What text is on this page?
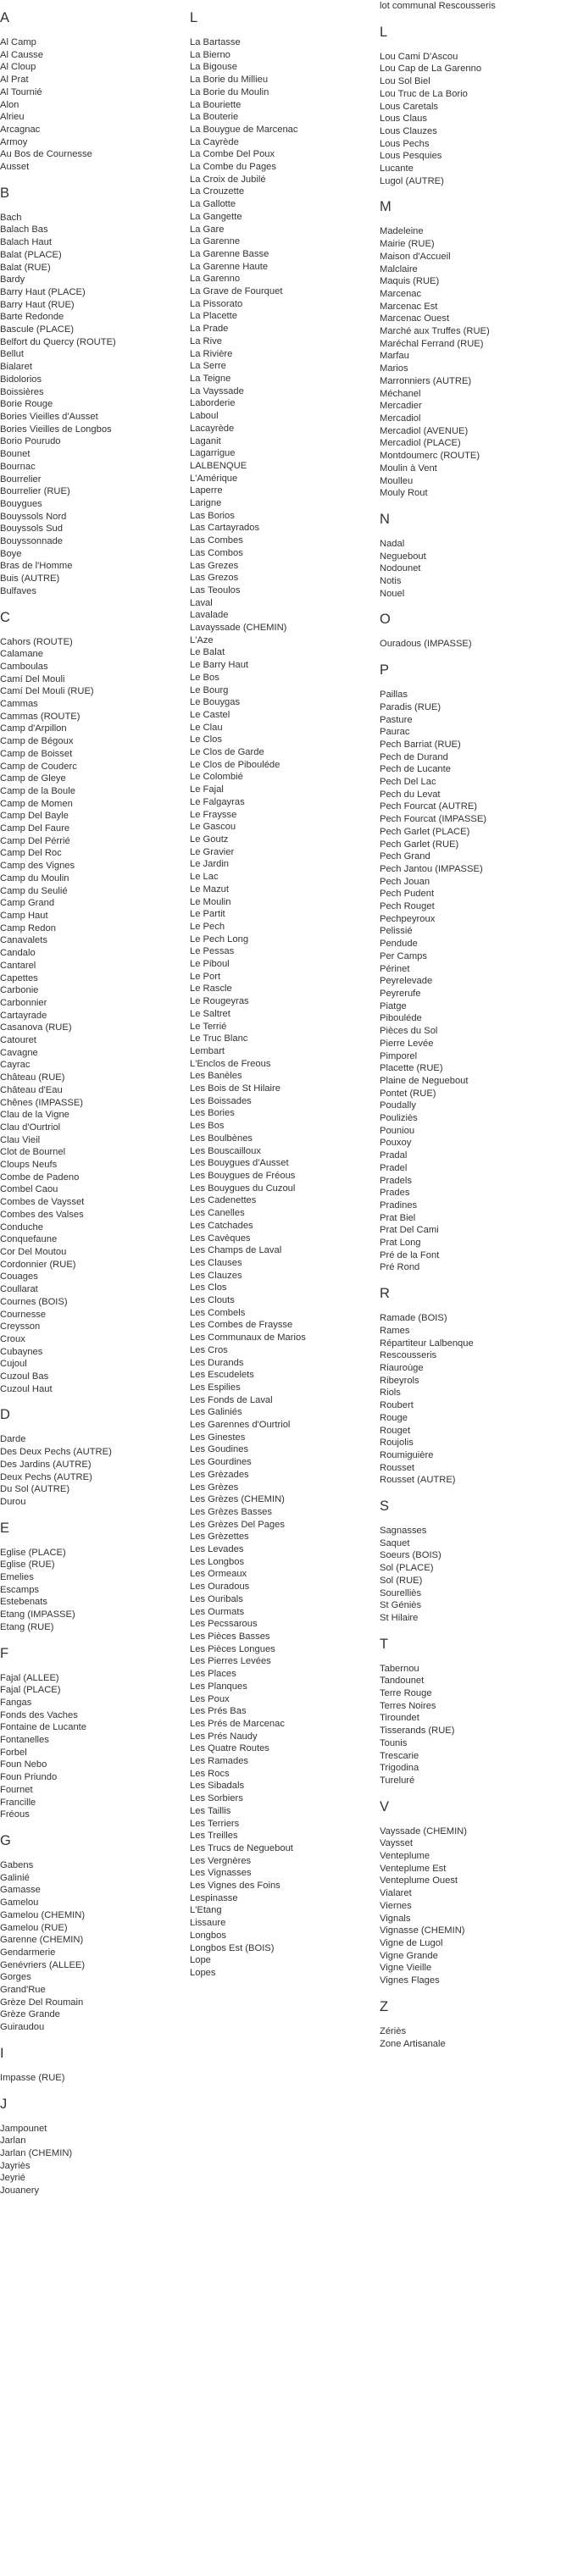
A
Al Camp
Al Causse
Al Cloup
Al Prat
Al Tournié
Alon
Alrieu
Arcagnac
Armoy
Au Bos de Cournesse
Ausset
B
Bach
Balach Bas
Balach Haut
Balat (PLACE)
Balat (RUE)
Bardy
Barry Haut (PLACE)
Barry Haut (RUE)
Barte Redonde
Bascule (PLACE)
Belfort du Quercy (ROUTE)
Bellut
Bialaret
Bidolorios
Boissières
Borie Rouge
Bories Vieilles d'Ausset
Bories Vieilles de Longbos
Borio Pourudo
Bounet
Bournac
Bourrelier
Bourrelier (RUE)
Bouygues
Bouyssols Nord
Bouyssols Sud
Bouyssonnade
Boye
Bras de l'Homme
Buis (AUTRE)
Bulfaves
C
Cahors (ROUTE)
Calamane
Camboulas
Camí Del Mouli
Camí Del Mouli (RUE)
Cammas
Cammas (ROUTE)
Camp d'Arpillon
Camp de Bégoux
Camp de Boisset
Camp de Couderc
Camp de Gleye
Camp de la Boule
Camp de Momen
Camp Del Bayle
Camp Del Faure
Camp Del Pérrié
Camp Del Roc
Camp des Vignes
Camp du Moulin
Camp du Seulié
Camp Grand
Camp Haut
Camp Redon
Canavalets
Candalo
Cantarel
Capettes
Carbonie
Carbonnier
Cartayrade
Casanova (RUE)
Catouret
Cavagne
Cayrac
Château (RUE)
Château d'Eau
Chênes (IMPASSE)
Clau de la Vigne
Clau d'Ourtriol
Clau Vieil
Clot de Bournel
Cloups Neufs
Combe de Padeno
Combel Caou
Combes de Vaysset
Combes des Valses
Conduche
Conquefaune
Cor Del Moutou
Cordonnier (RUE)
Couages
Coullarat
Cournes (BOIS)
Cournesse
Creysson
Croux
Cubaynes
Cujoul
Cuzoul Bas
Cuzoul Haut
D
Darde
Des Deux Pechs (AUTRE)
Des Jardins (AUTRE)
Deux Pechs (AUTRE)
Du Sol (AUTRE)
Durou
E
Eglise (PLACE)
Eglise (RUE)
Emelies
Escamps
Estebenats
Etang (IMPASSE)
Etang (RUE)
F
Fajal (ALLEE)
Fajal (PLACE)
Fangas
Fonds des Vaches
Fontaine de Lucante
Fontanelles
Forbel
Foun Nebo
Foun Priundo
Fournet
Francille
Fréous
G
Gabens
Galinié
Gamasse
Gamelou
Gamelou (CHEMIN)
Gamelou (RUE)
Garenne (CHEMIN)
Gendarmerie
Genévriers (ALLEE)
Gorges
Grand'Rue
Grèze Del Roumain
Grèze Grande
Guiraudou
I
Impasse (RUE)
J
Jampounet
Jarlan
Jarlan (CHEMIN)
Jayriès
Jeyrié
Jouanery
L
La Bartasse
La Bierno
La Bigouse
La Borie du Millieu
La Borie du Moulin
La Bouriette
La Bouterie
La Bouygue de Marcenac
La Cayrède
La Combe Del Poux
La Combe du Pages
La Croix de Jubilé
La Crouzette
La Gallotte
La Gangette
La Gare
La Garenne
La Garenne Basse
La Garenne Haute
La Garenno
La Grave de Fourquet
La Pissorato
La Placette
La Prade
La Rive
La Rivière
La Serre
La Teigne
La Vayssade
Laborderie
Laboul
Lacayrède
Laganit
Lagarrigue
LALBENQUE
L'Amérique
Laperre
Larigne
Las Borios
Las Cartayrados
Las Combes
Las Combos
Las Grezes
Las Grezos
Las Teoulos
Laval
Lavalade
Lavayssade (CHEMIN)
L'Aze
Le Balat
Le Barry Haut
Le Bos
Le Bourg
Le Bouygas
Le Castel
Le Clau
Le Clos
Le Clos de Garde
Le Clos de Pibouléde
Le Colombié
Le Fajal
Le Falgayras
Le Fraysse
Le Gascou
Le Goutz
Le Gravier
Le Jardin
Le Lac
Le Mazut
Le Moulin
Le Partit
Le Pech
Le Pech Long
Le Pessas
Le Piboul
Le Port
Le Rascle
Le Rougeyras
Le Saltret
Le Terrié
Le Truc Blanc
Lembart
L'Enclos de Freous
Les Banèles
Les Bois de St Hilaire
Les Boissades
Les Bories
Les Bos
Les Boulbènes
Les Bouscailloux
Les Bouygues d'Ausset
Les Bouygues de Fréous
Les Bouygues du Cuzoul
Les Cadenettes
Les Canelles
Les Catchades
Les Cavèques
Les Champs de Laval
Les Clauses
Les Clauzes
Les Clos
Les Clouts
Les Combels
Les Combes de Fraysse
Les Communaux de Marios
Les Cros
Les Durands
Les Escudelets
Les Espilies
Les Fonds de Laval
Les Galiniés
Les Garennes d'Ourtriol
Les Ginestes
Les Goudines
Les Gourdines
Les Grèzades
Les Grèzes
Les Grèzes (CHEMIN)
Les Grèzes Basses
Les Grèzes Del Pages
Les Grèzettes
Les Levades
Les Longbos
Les Ormeaux
Les Ouradous
Les Ouribals
Les Ourmats
Les Pecssarous
Les Pièces Basses
Les Pièces Longues
Les Pierres Levées
Les Places
Les Planques
Les Poux
Les Prés Bas
Les Prés de Marcenac
Les Prés Naudy
Les Quatre Routes
Les Ramades
Les Rocs
Les Sibadals
Les Sorbiers
Les Taillis
Les Terriers
Les Treilles
Les Trucs de Neguebout
Les Vergnères
Les Vignasses
Les Vignes des Foins
Lespinasse
L'Etang
Lissaure
Longbos
Longbos Est (BOIS)
Lope
Lopes
lot communal Rescousseris
L
Lou Cami D'Ascou
Lou Cap de La Garenno
Lou Sol Biel
Lou Truc de La Borio
Lous Caretals
Lous Claus
Lous Clauzes
Lous Pechs
Lous Pesquies
Lucante
Lugol (AUTRE)
M
Madeleine
Mairie (RUE)
Maison d'Accueil
Malclaire
Maquis (RUE)
Marcenac
Marcenac Est
Marcenac Ouest
Marché aux Truffes (RUE)
Maréchal Ferrand (RUE)
Marfau
Marios
Marronniers (AUTRE)
Méchanel
Mercadier
Mercadiol
Mercadiol (AVENUE)
Mercadiol (PLACE)
Montdoumerc (ROUTE)
Moulin à Vent
Moulleu
Mouly Rout
N
Nadal
Neguebout
Nodounet
Notis
Nouel
O
Ouradous (IMPASSE)
P
Paillas
Paradis (RUE)
Pasture
Paurac
Pech Barriat (RUE)
Pech de Durand
Pech de Lucante
Pech Del Lac
Pech du Levat
Pech Fourcat (AUTRE)
Pech Fourcat (IMPASSE)
Pech Garlet (PLACE)
Pech Garlet (RUE)
Pech Grand
Pech Jantou (IMPASSE)
Pech Jouan
Pech Pudent
Pech Rouget
Pechpeyroux
Pelissié
Pendude
Per Camps
Périnet
Peyrelevade
Peyrerufe
Piatge
Pibouléde
Pièces du Sol
Pierre Levée
Pimporel
Placette (RUE)
Plaine de Neguebout
Pontet (RUE)
Poudally
Pouliziès
Pouniou
Pouxoy
Pradal
Pradel
Pradels
Prades
Pradines
Prat Biel
Prat Del Cami
Prat Long
Pré de la Font
Pré Rond
R
Ramade (BOIS)
Rames
Répartiteur Lalbenque
Rescousseris
Riauroùge
Ribeyrols
Riols
Roubert
Rouge
Rouget
Roujolis
Roumiguière
Rousset
Rousset (AUTRE)
S
Sagnasses
Saquet
Soeurs (BOIS)
Sol (PLACE)
Sol (RUE)
Sourelliès
St Géniès
St Hilaire
T
Tabernou
Tandounet
Terre Rouge
Terres Noires
Tiroundet
Tisserands (RUE)
Tounis
Trescarie
Trigodina
Tureluré
V
Vayssade (CHEMIN)
Vaysset
Venteplume
Venteplume Est
Venteplume Ouest
Vialaret
Viernes
Vignals
Vignasse (CHEMIN)
Vigne de Lugol
Vigne Grande
Vigne Vieille
Vignes Flages
Z
Zériès
Zone Artisanale
